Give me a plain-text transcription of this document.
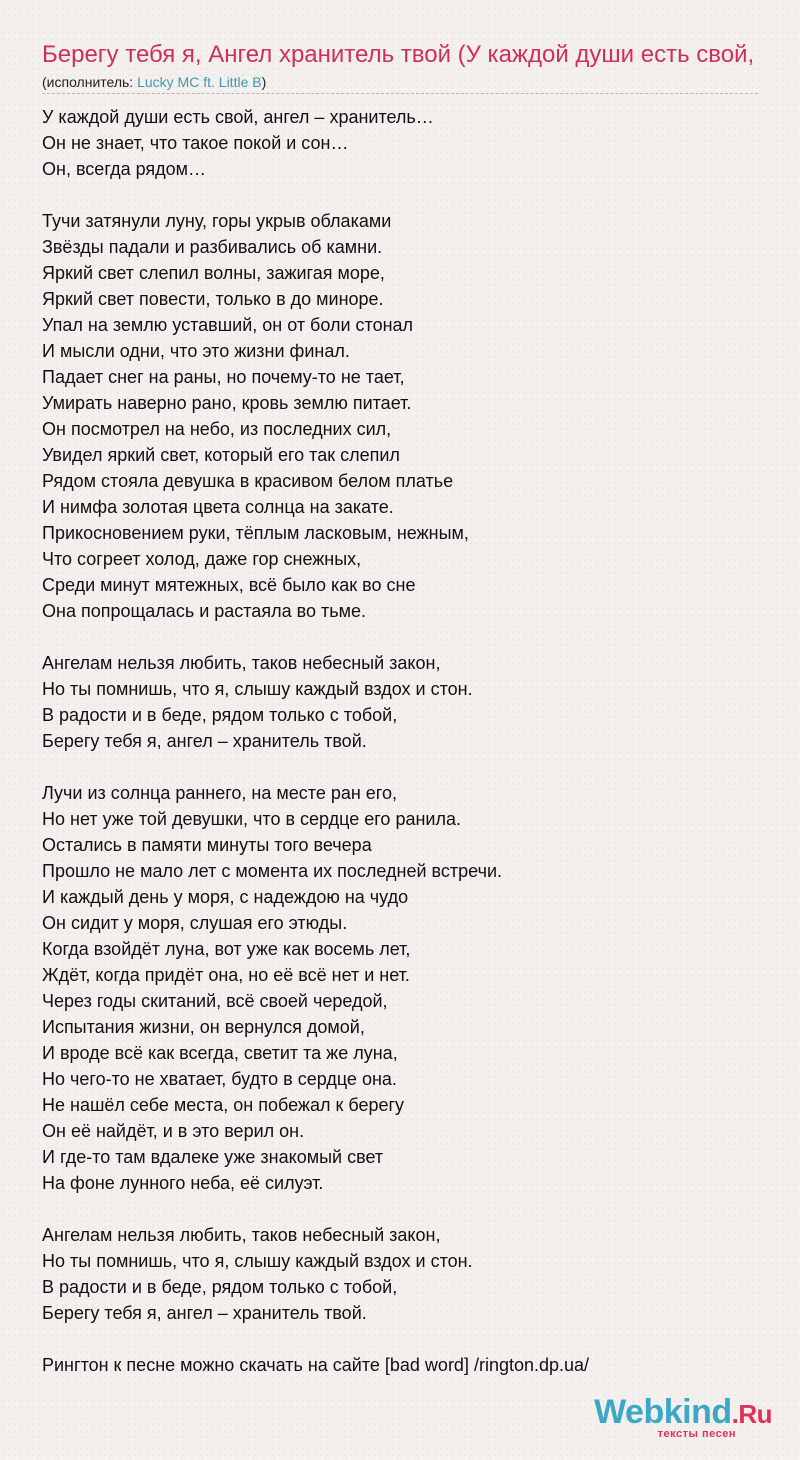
Берегу тебя я, Ангел хранитель твой (У каждой души есть свой,
(исполнитель: Lucky MC ft. Little B)
У каждой души есть свой, ангел – хранитель…
Он не знает, что такое покой и сон…
Он, всегда рядом…
Тучи затянули луну, горы укрыв облаками
Звёзды падали и разбивались об камни.
Яркий свет слепил волны, зажигая море,
Яркий свет повести, только в до миноре.
Упал на землю уставший, он от боли стонал
И мысли одни, что это жизни финал.
Падает снег на раны, но почему-то не тает,
Умирать наверно рано, кровь землю питает.
Он посмотрел на небо, из последних сил,
Увидел яркий свет, который его так слепил
Рядом стояла девушка в красивом белом платье
И нимфа золотая цвета солнца на закате.
Прикосновением руки, тёплым ласковым, нежным,
Что согреет холод, даже гор снежных,
Среди минут мятежных, всё было как во сне
Она попрощалась и растаяла во тьме.
Ангелам нельзя любить, таков небесный закон,
Но ты помнишь, что я, слышу каждый вздох и стон.
В радости и в беде, рядом только с тобой,
Берегу тебя я, ангел – хранитель твой.
Лучи из солнца раннего, на месте ран его,
Но нет уже той девушки, что в сердце его ранила.
Остались в памяти минуты того вечера
Прошло не мало лет с момента их последней встречи.
И каждый день у моря, с надеждою на чудо
Он сидит у моря, слушая его этюды.
Когда взойдёт луна, вот уже как восемь лет,
Ждёт, когда придёт она, но её всё нет и нет.
Через годы скитаний, всё своей чередой,
Испытания жизни, он вернулся домой,
И вроде всё как всегда, светит та же луна,
Но чего-то не хватает, будто в сердце она.
Не нашёл себе места, он побежал к берегу
Он её найдёт, и в это верил он.
И где-то там вдалеке уже знакомый свет
На фоне лунного неба, её силуэт.
Ангелам нельзя любить, таков небесный закон,
Но ты помнишь, что я, слышу каждый вздох и стон.
В радости и в беде, рядом только с тобой,
Берегу тебя я, ангел – хранитель твой.
Рингтон к песне можно скачать на сайте [bad word] /rington.dp.ua/
Webkind.Ru
тексты песен
